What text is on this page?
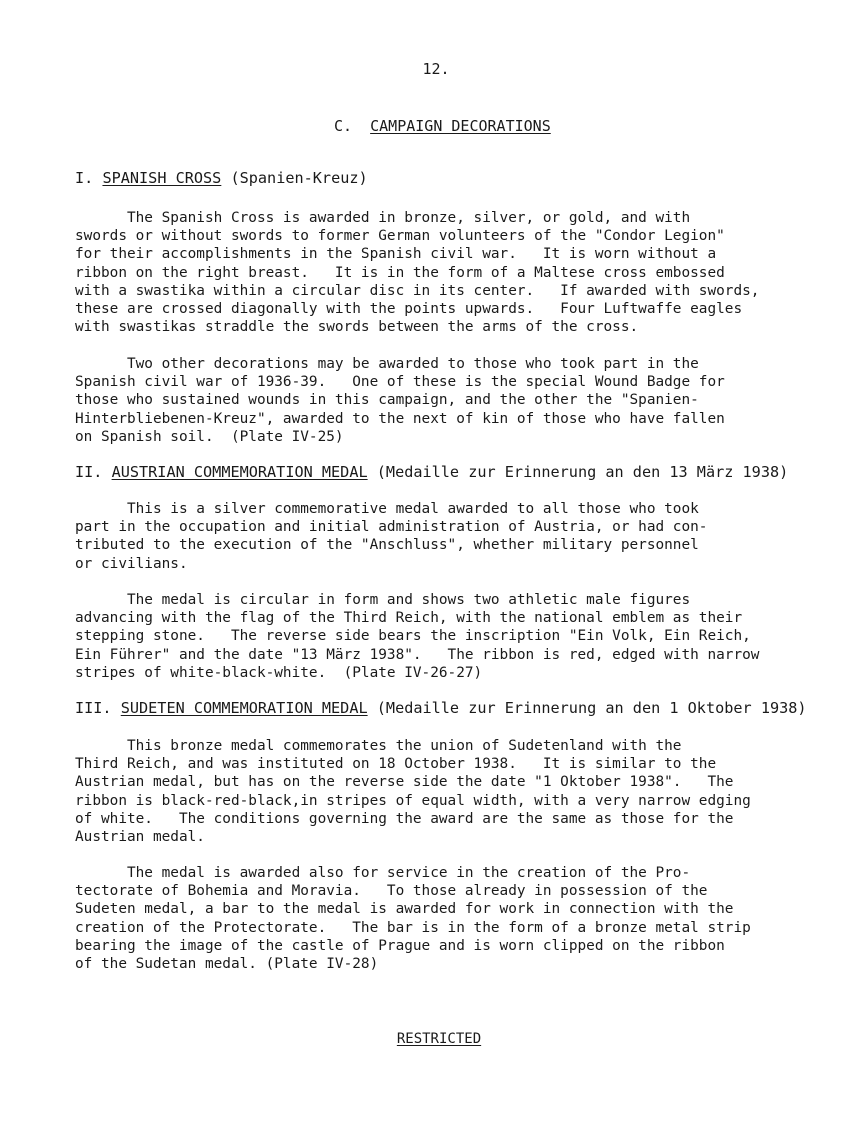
12.
C. CAMPAIGN DECORATIONS
I. SPANISH CROSS (Spanien-Kreuz)

The Spanish Cross is awarded in bronze, silver, or gold, and with
swords or without swords to former German volunteers of the "Condor Legion"
for their accomplishments in the Spanish civil war.   It is worn without a
ribbon on the right breast.   It is in the form of a Maltese cross embossed
with a swastika within a circular disc in its center.   If awarded with swords,
these are crossed diagonally with the points upwards.   Four Luftwaffe eagles
with swastikas straddle the swords between the arms of the cross.

Two other decorations may be awarded to those who took part in the
Spanish civil war of 1936-39.   One of these is the special Wound Badge for
those who sustained wounds in this campaign, and the other the "Spanien-
Hinterbliebenen-Kreuz", awarded to the next of kin of those who have fallen
on Spanish soil.  (Plate IV-25)

II. AUSTRIAN COMMEMORATION MEDAL (Medaille zur Erinnerung an den 13 März 1938)

This is a silver commemorative medal awarded to all those who took
part in the occupation and initial administration of Austria, or had con-
tributed to the execution of the "Anschluss", whether military personnel
or civilians.

The medal is circular in form and shows two athletic male figures
advancing with the flag of the Third Reich, with the national emblem as their
stepping stone.   The reverse side bears the inscription "Ein Volk, Ein Reich,
Ein Führer" and the date "13 März 1938".   The ribbon is red, edged with narrow
stripes of white-black-white.  (Plate IV-26-27)

III. SUDETEN COMMEMORATION MEDAL (Medaille zur Erinnerung an den 1 Oktober 1938)

This bronze medal commemorates the union of Sudetenland with the
Third Reich, and was instituted on 18 October 1938.   It is similar to the
Austrian medal, but has on the reverse side the date "1 Oktober 1938".   The
ribbon is black-red-black,in stripes of equal width, with a very narrow edging
of white.   The conditions governing the award are the same as those for the
Austrian medal.

The medal is awarded also for service in the creation of the Pro-
tectorate of Bohemia and Moravia.   To those already in possession of the
Sudeten medal, a bar to the medal is awarded for work in connection with the
creation of the Protectorate.   The bar is in the form of a bronze metal strip
bearing the image of the castle of Prague and is worn clipped on the ribbon
of the Sudetan medal. (Plate IV-28)

RESTRICTED
